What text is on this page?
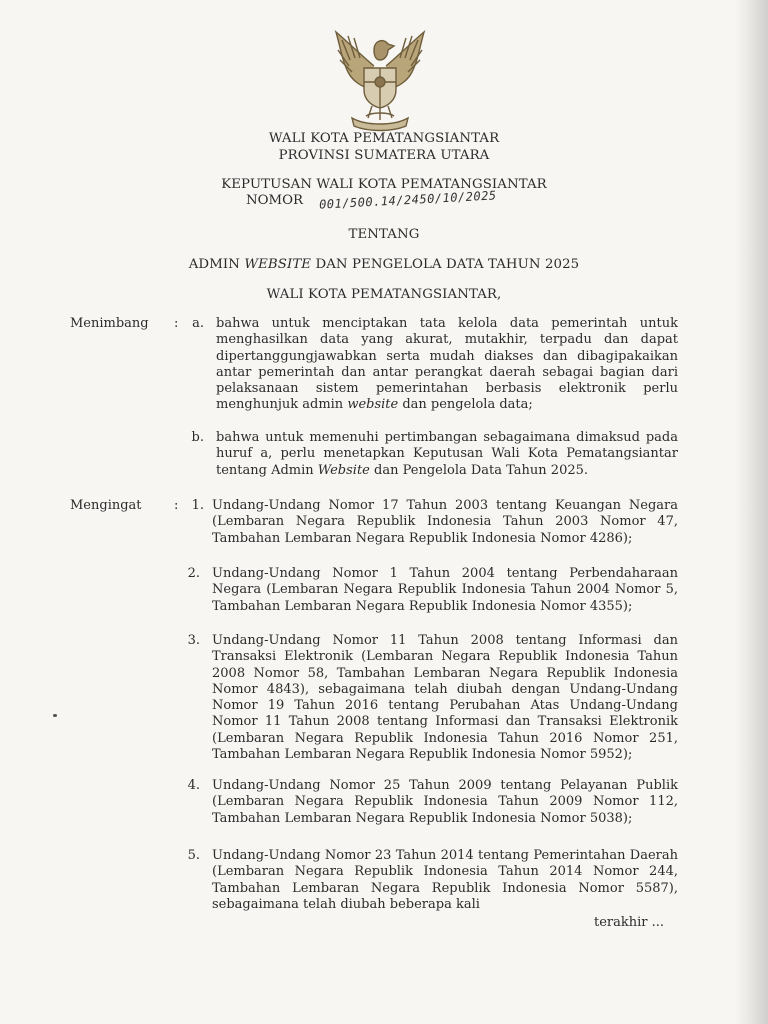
WALI KOTA PEMATANGSIANTAR
PROVINSI SUMATERA UTARA
KEPUTUSAN WALI KOTA PEMATANGSIANTAR
NOMOR 001/500.14/2450/10/2025
TENTANG
ADMIN WEBSITE DAN PENGELOLA DATA TAHUN 2025
WALI KOTA PEMATANGSIANTAR,
Menimbang :	a. bahwa untuk menciptakan tata kelola data pemerintah untuk menghasilkan data yang akurat, mutakhir, terpadu dan dapat dipertanggungjawabkan serta mudah diakses dan dibagipakaikan antar pemerintah dan antar perangkat daerah sebagai bagian dari pelaksanaan sistem pemerintahan berbasis elektronik perlu menghunjuk admin website dan pengelola data;

b. bahwa untuk memenuhi pertimbangan sebagaimana dimaksud pada huruf a, perlu menetapkan Keputusan Wali Kota Pematangsiantar tentang Admin Website dan Pengelola Data Tahun 2025.

Mengingat :	1. Undang-Undang Nomor 17 Tahun 2003 tentang Keuangan Negara (Lembaran Negara Republik Indonesia Tahun 2003 Nomor 47, Tambahan Lembaran Negara Republik Indonesia Nomor 4286);

2. Undang-Undang Nomor 1 Tahun 2004 tentang Perbendaharaan Negara (Lembaran Negara Republik Indonesia Tahun 2004 Nomor 5, Tambahan Lembaran Negara Republik Indonesia Nomor 4355);

3. Undang-Undang Nomor 11 Tahun 2008 tentang Informasi dan Transaksi Elektronik (Lembaran Negara Republik Indonesia Tahun 2008 Nomor 58, Tambahan Lembaran Negara Republik Indonesia Nomor 4843), sebagaimana telah diubah dengan Undang-Undang Nomor 19 Tahun 2016 tentang Perubahan Atas Undang-Undang Nomor 11 Tahun 2008 tentang Informasi dan Transaksi Elektronik (Lembaran Negara Republik Indonesia Tahun 2016 Nomor 251, Tambahan Lembaran Negara Republik Indonesia Nomor 5952);

4. Undang-Undang Nomor 25 Tahun 2009 tentang Pelayanan Publik (Lembaran Negara Republik Indonesia Tahun 2009 Nomor 112, Tambahan Lembaran Negara Republik Indonesia Nomor 5038);

5. Undang-Undang Nomor 23 Tahun 2014 tentang Pemerintahan Daerah (Lembaran Negara Republik Indonesia Tahun 2014 Nomor 244, Tambahan Lembaran Negara Republik Indonesia Nomor 5587), sebagaimana telah diubah beberapa kali

terakhir ...
